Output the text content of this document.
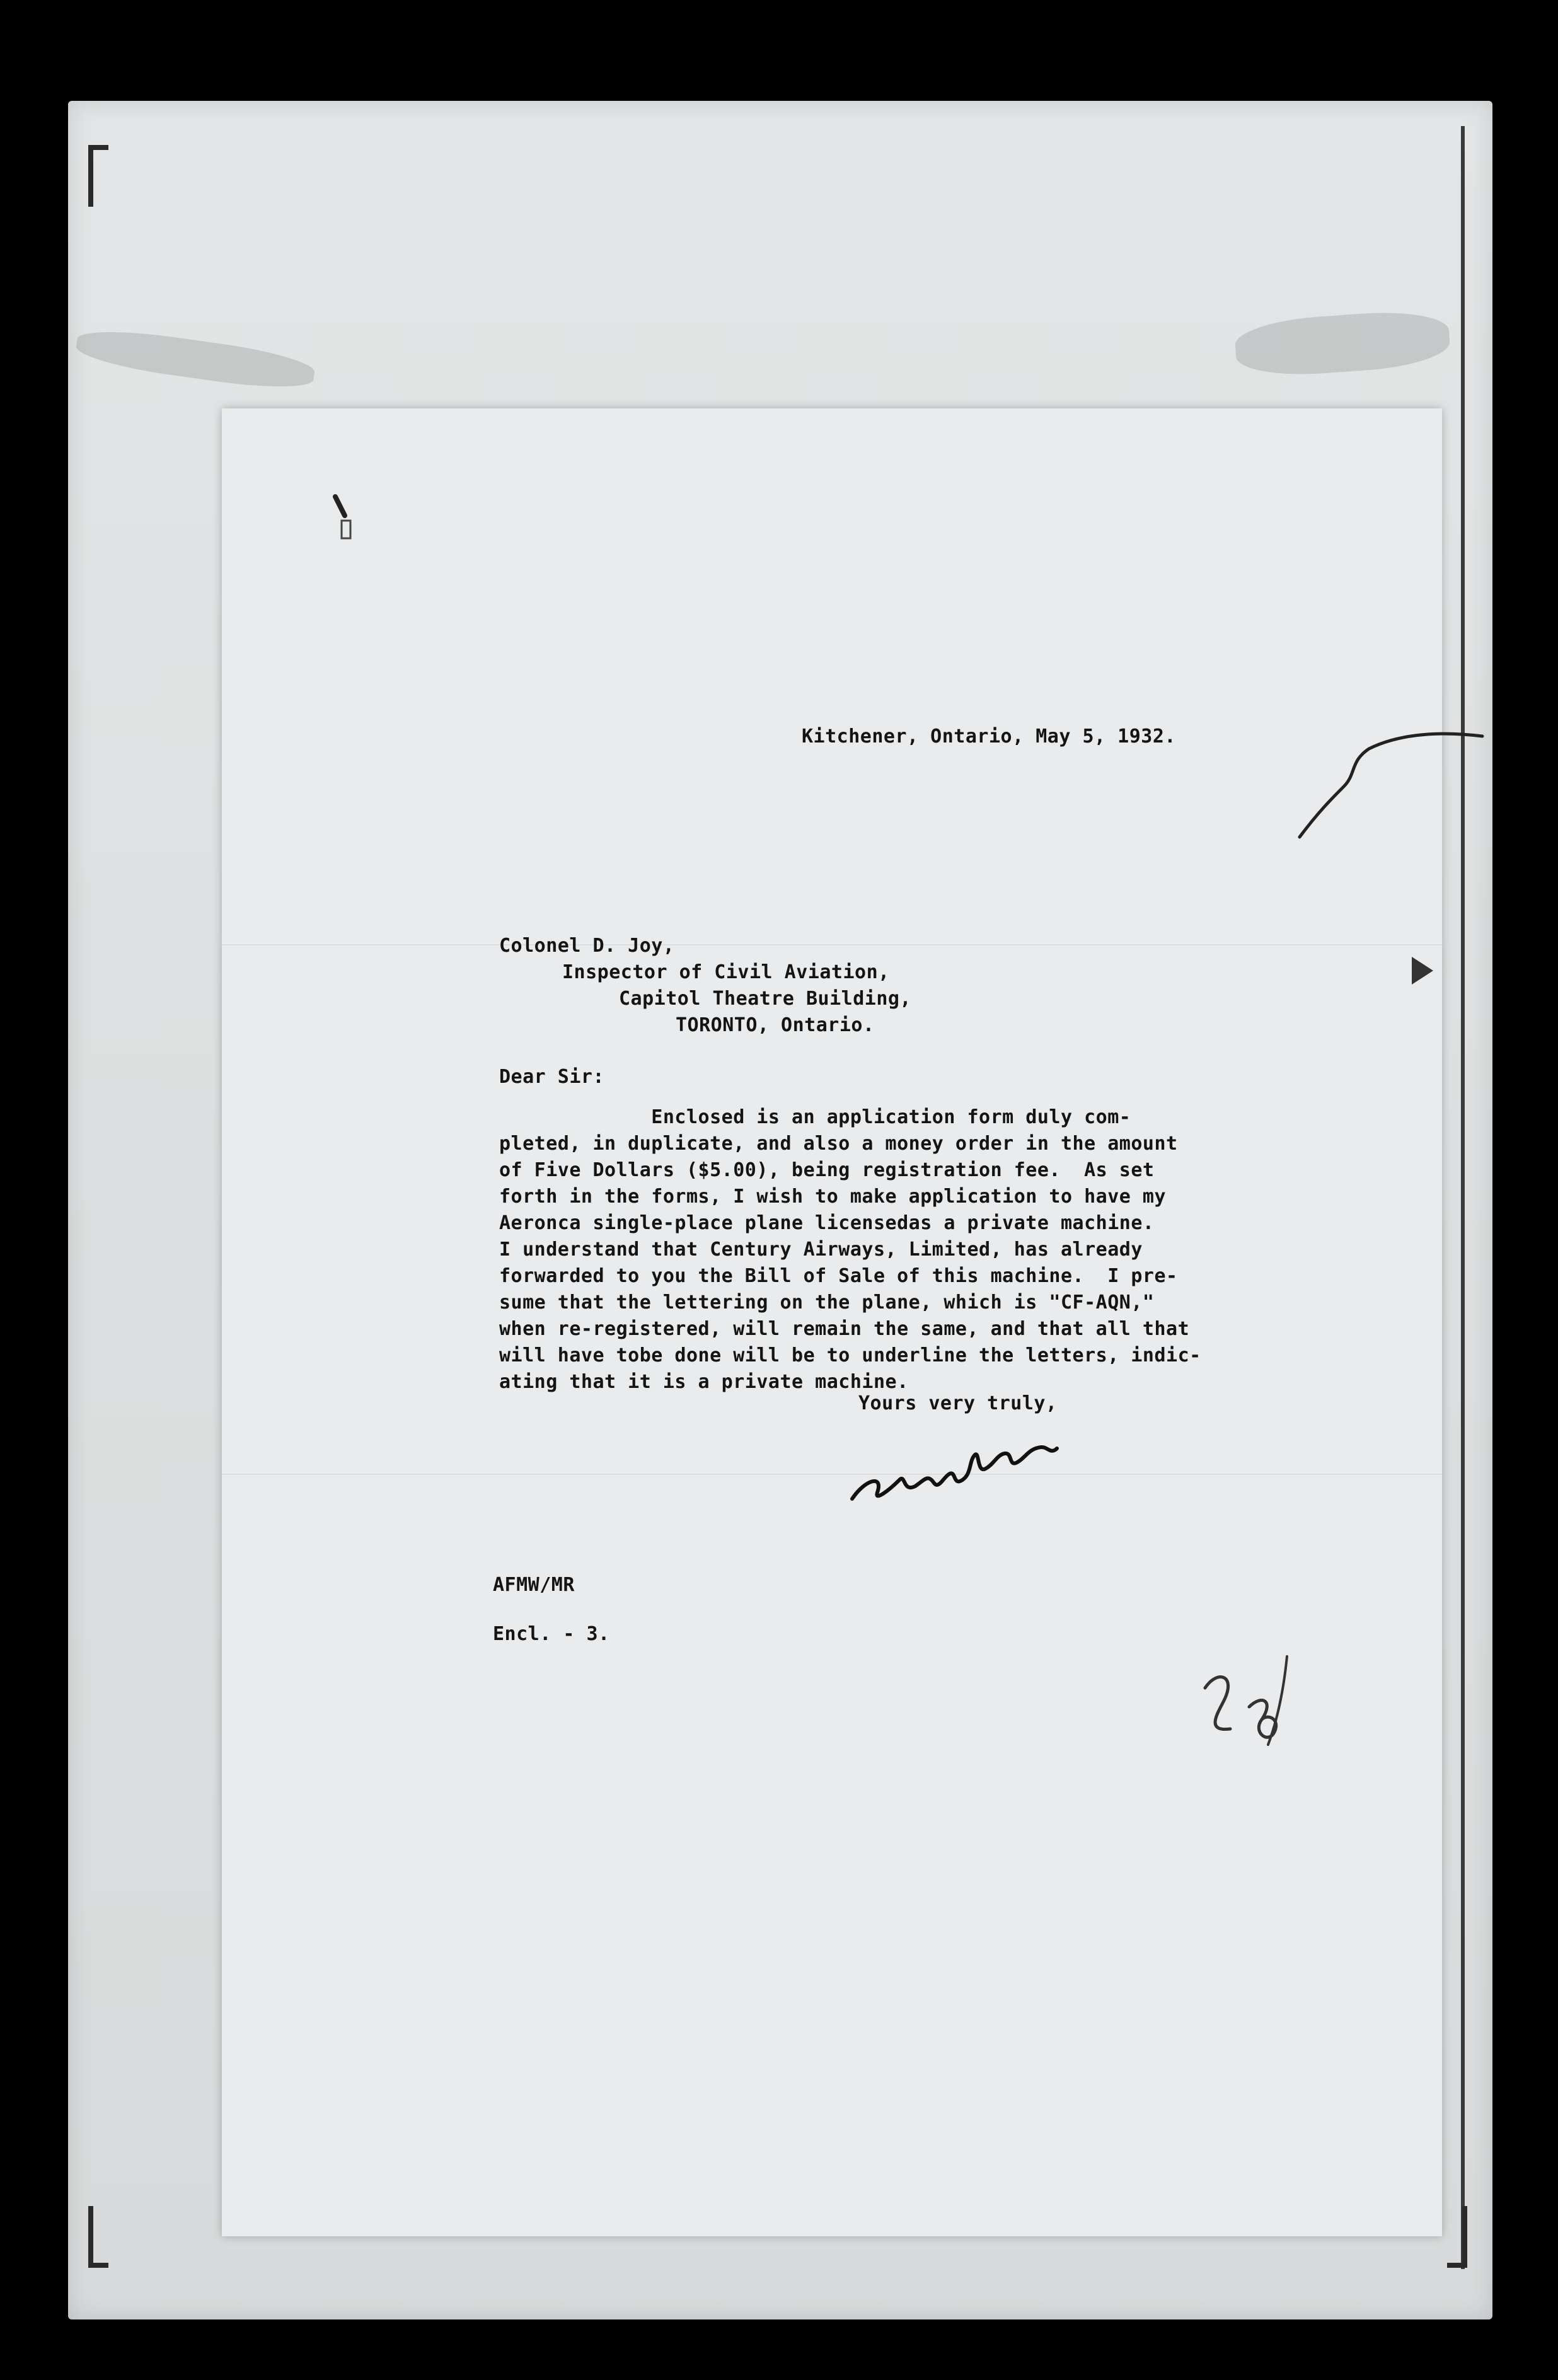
Kitchener, Ontario, May 5, 1932.
Colonel D. Joy,
Inspector of Civil Aviation,
Capitol Theatre Building,
TORONTO, Ontario.
Dear Sir:
Enclosed is an application form duly com-
pleted, in duplicate, and also a money order in the amount
of Five Dollars ($5.00), being registration fee.  As set
forth in the forms, I wish to make application to have my
Aeronca single-place plane licensedas a private machine.
I understand that Century Airways, Limited, has already
forwarded to you the Bill of Sale of this machine.  I pre-
sume that the lettering on the plane, which is "CF-AQN,"
when re-registered, will remain the same, and that all that
will have tobe done will be to underline the letters, indic-
ating that it is a private machine.
Yours very truly,
AFMW/MR
Encl. - 3.
